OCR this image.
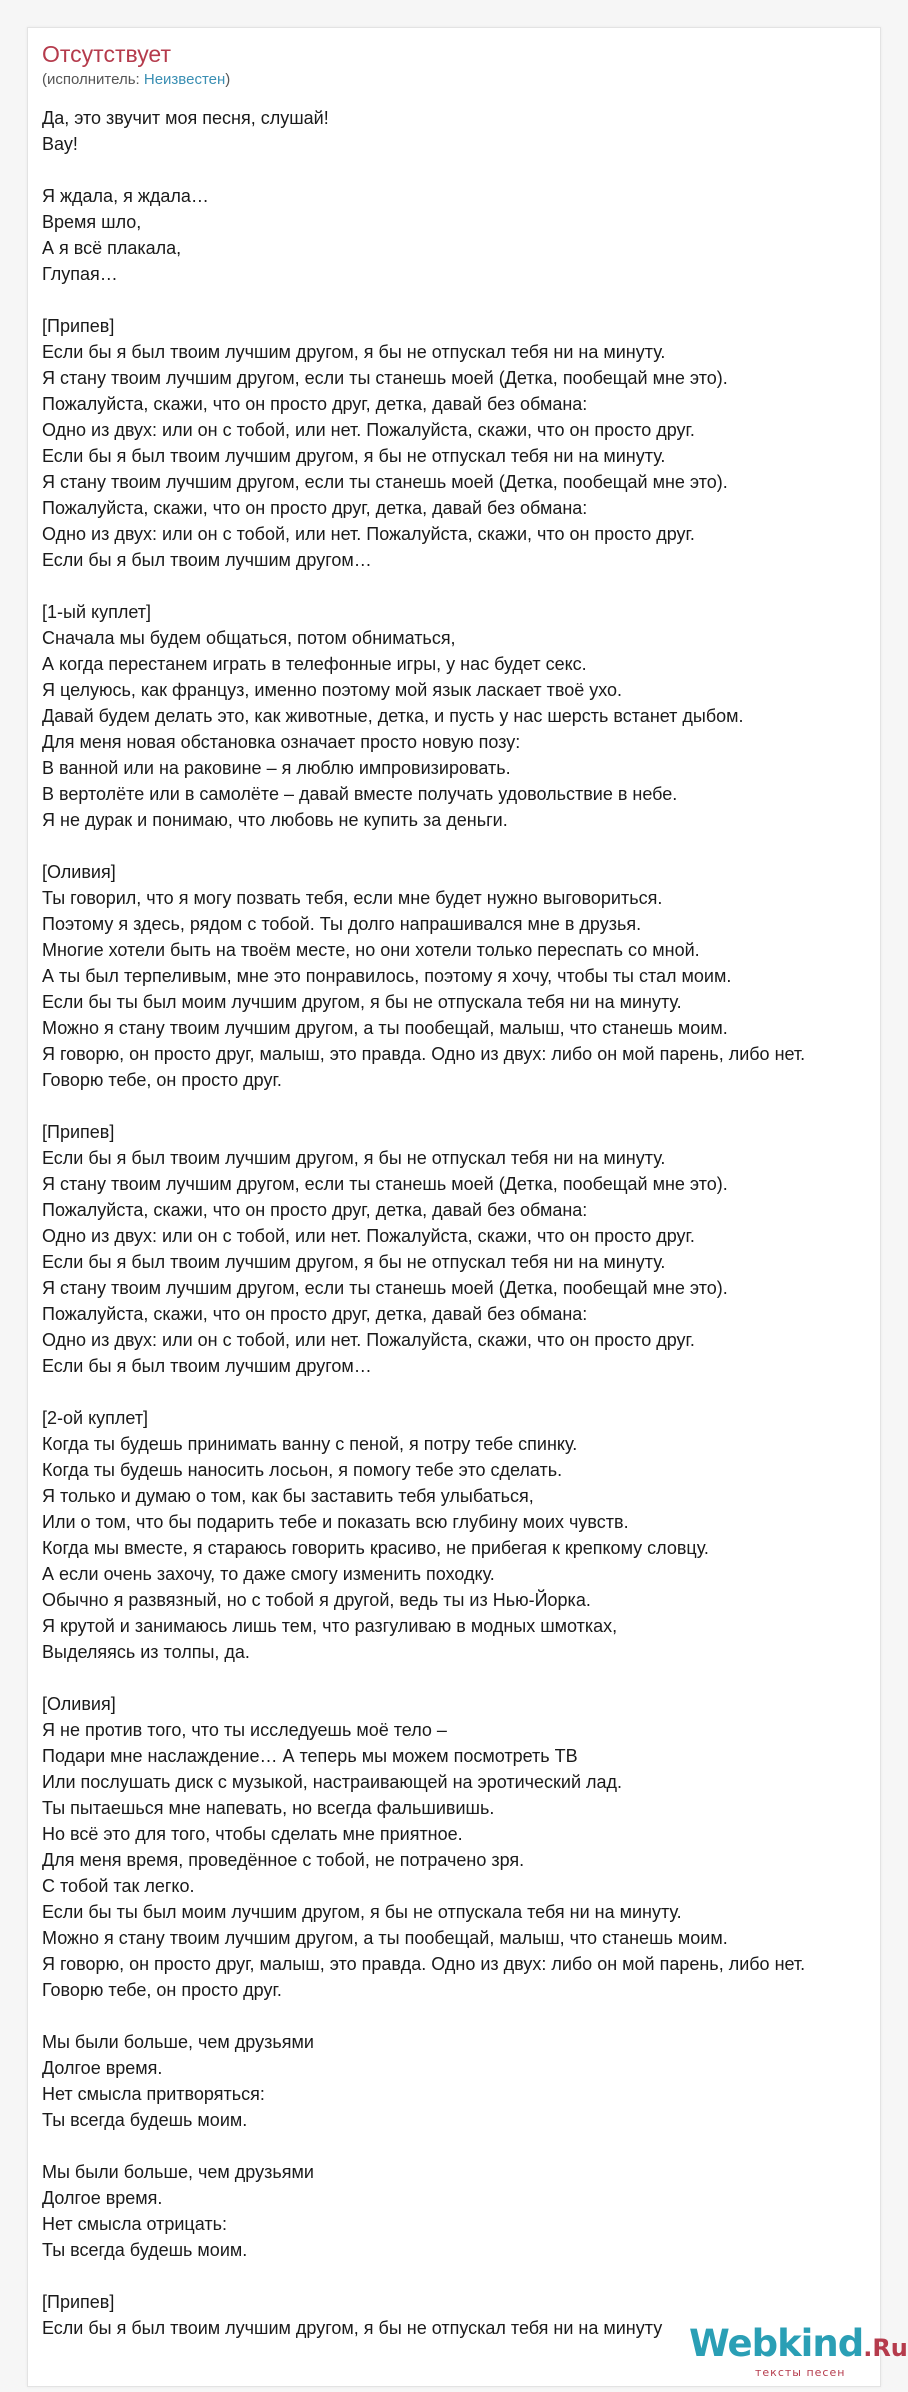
Отсутствует
(исполнитель: Неизвестен)
Да, это звучит моя песня, слушай!
Вау!
Я ждала, я ждала…
Время шло,
А я всё плакала,
Глупая…
[Припев]
Если бы я был твоим лучшим другом, я бы не отпускал тебя ни на минуту.
Я стану твоим лучшим другом, если ты станешь моей (Детка, пообещай мне это).
Пожалуйста, скажи, что он просто друг, детка, давай без обмана:
Одно из двух: или он с тобой, или нет. Пожалуйста, скажи, что он просто друг.
Если бы я был твоим лучшим другом, я бы не отпускал тебя ни на минуту.
Я стану твоим лучшим другом, если ты станешь моей (Детка, пообещай мне это).
Пожалуйста, скажи, что он просто друг, детка, давай без обмана:
Одно из двух: или он с тобой, или нет. Пожалуйста, скажи, что он просто друг.
Если бы я был твоим лучшим другом…
[1-ый куплет]
Сначала мы будем общаться, потом обниматься,
А когда перестанем играть в телефонные игры, у нас будет секс.
Я целуюсь, как француз, именно поэтому мой язык ласкает твоё ухо.
Давай будем делать это, как животные, детка, и пусть у нас шерсть встанет дыбом.
Для меня новая обстановка означает просто новую позу:
В ванной или на раковине – я люблю импровизировать.
В вертолёте или в самолёте – давай вместе получать удовольствие в небе.
Я не дурак и понимаю, что любовь не купить за деньги.
[Оливия]
Ты говорил, что я могу позвать тебя, если мне будет нужно выговориться.
Поэтому я здесь, рядом с тобой. Ты долго напрашивался мне в друзья.
Многие хотели быть на твоём месте, но они хотели только переспать со мной.
А ты был терпеливым, мне это понравилось, поэтому я хочу, чтобы ты стал моим.
Если бы ты был моим лучшим другом, я бы не отпускала тебя ни на минуту.
Можно я стану твоим лучшим другом, а ты пообещай, малыш, что станешь моим.
Я говорю, он просто друг, малыш, это правда. Одно из двух: либо он мой парень, либо нет.
Говорю тебе, он просто друг.
[Припев]
Если бы я был твоим лучшим другом, я бы не отпускал тебя ни на минуту.
Я стану твоим лучшим другом, если ты станешь моей (Детка, пообещай мне это).
Пожалуйста, скажи, что он просто друг, детка, давай без обмана:
Одно из двух: или он с тобой, или нет. Пожалуйста, скажи, что он просто друг.
Если бы я был твоим лучшим другом, я бы не отпускал тебя ни на минуту.
Я стану твоим лучшим другом, если ты станешь моей (Детка, пообещай мне это).
Пожалуйста, скажи, что он просто друг, детка, давай без обмана:
Одно из двух: или он с тобой, или нет. Пожалуйста, скажи, что он просто друг.
Если бы я был твоим лучшим другом…
[2-ой куплет]
Когда ты будешь принимать ванну с пеной, я потру тебе спинку.
Когда ты будешь наносить лосьон, я помогу тебе это сделать.
Я только и думаю о том, как бы заставить тебя улыбаться,
Или о том, что бы подарить тебе и показать всю глубину моих чувств.
Когда мы вместе, я стараюсь говорить красиво, не прибегая к крепкому словцу.
А если очень захочу, то даже смогу изменить походку.
Обычно я развязный, но с тобой я другой, ведь ты из Нью-Йорка.
Я крутой и занимаюсь лишь тем, что разгуливаю в модных шмотках,
Выделяясь из толпы, да.
[Оливия]
Я не против того, что ты исследуешь моё тело –
Подари мне наслаждение… А теперь мы можем посмотреть ТВ
Или послушать диск с музыкой, настраивающей на эротический лад.
Ты пытаешься мне напевать, но всегда фальшивишь.
Но всё это для того, чтобы сделать мне приятное.
Для меня время, проведённое с тобой, не потрачено зря.
С тобой так легко.
Если бы ты был моим лучшим другом, я бы не отпускала тебя ни на минуту.
Можно я стану твоим лучшим другом, а ты пообещай, малыш, что станешь моим.
Я говорю, он просто друг, малыш, это правда. Одно из двух: либо он мой парень, либо нет.
Говорю тебе, он просто друг.
Мы были больше, чем друзьями
Долгое время.
Нет смысла притворяться:
Ты всегда будешь моим.
Мы были больше, чем друзьями
Долгое время.
Нет смысла отрицать:
Ты всегда будешь моим.
[Припев]
Если бы я был твоим лучшим другом, я бы не отпускал тебя ни на минуту Webkind.Ru
тексты песен
